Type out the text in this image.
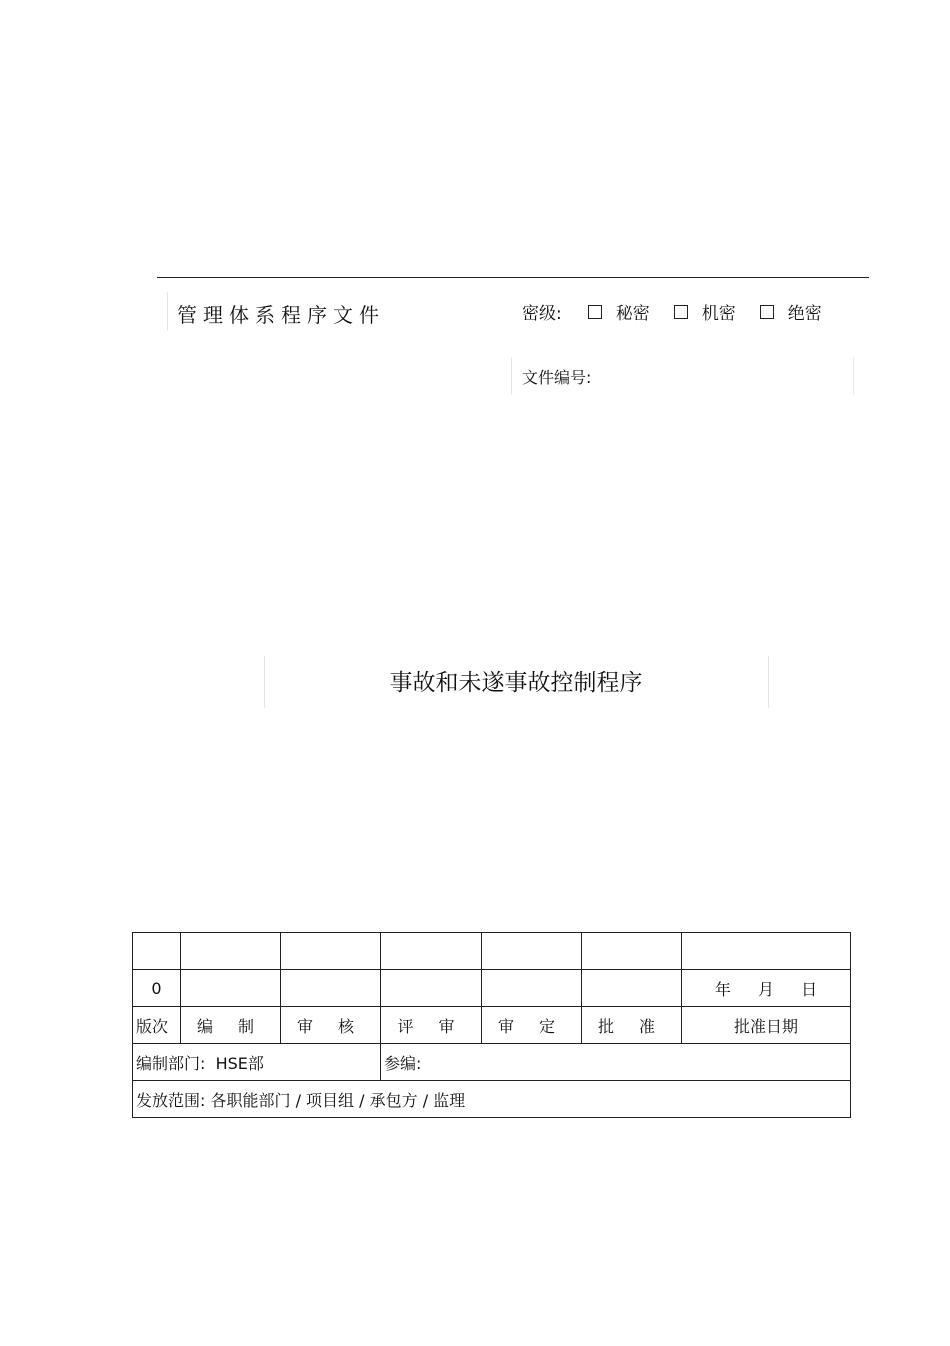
管理体系程序文件	密级:	秘密	机密	绝密
文件编号:
事故和未遂事故控制程序

0						年 月 日
版次	编 制	审 核	评 审	审 定	批 准	批准日期
编制部门: HSE部			参编:			
发放范围: 各职能部门 / 项目组 / 承包方 / 监理						
